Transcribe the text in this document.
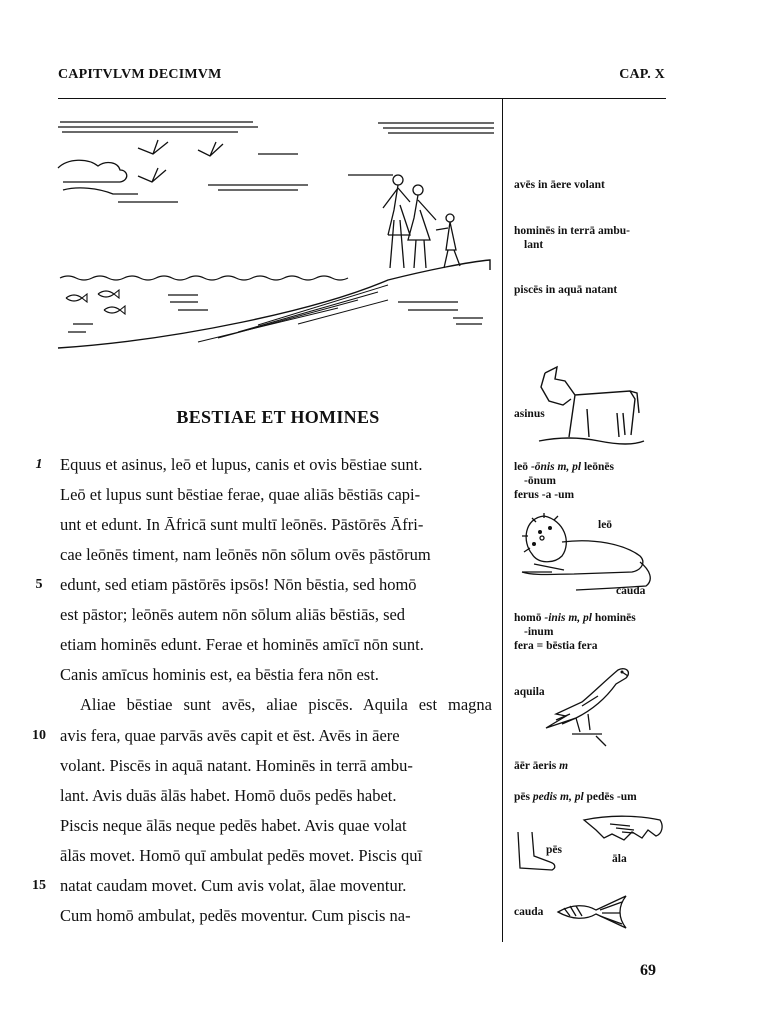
CAPITVLVM DECIMVM	CAP. X
avēs in āere volant
hominēs in terrā ambu-
lant
piscēs in aquā natant
asinus
leō -ōnis m, pl leōnēs
-ōnum
ferus -a -um
leō
cauda
homō -inis m, pl hominēs
-inum
fera = bēstia fera
aquila
āēr āeris m
pēs pedis m, pl pedēs -um
pēs
āla
cauda
BESTIAE ET HOMINES
1
5
10
15
Equus et asinus, leō et lupus, canis et ovis bēstiae sunt.
Leō et lupus sunt bēstiae ferae, quae aliās bēstiās capi-
unt et edunt. In Āfricā sunt multī leōnēs. Pāstōrēs Āfri-
cae leōnēs timent, nam leōnēs nōn sōlum ovēs pāstōrum
edunt, sed etiam pāstōrēs ipsōs! Nōn bēstia, sed homō
est pāstor; leōnēs autem nōn sōlum aliās bēstiās, sed
etiam hominēs edunt. Ferae et hominēs amīcī nōn sunt.
Canis amīcus hominis est, ea bēstia fera nōn est.
Aliae bēstiae sunt avēs, aliae piscēs. Aquila est magna
avis fera, quae parvās avēs capit et ēst. Avēs in āere
volant. Piscēs in aquā natant. Hominēs in terrā ambu-
lant. Avis duās ālās habet. Homō duōs pedēs habet.
Piscis neque ālās neque pedēs habet. Avis quae volat
ālās movet. Homō quī ambulat pedēs movet. Piscis quī
natat caudam movet. Cum avis volat, ālae moventur.
Cum homō ambulat, pedēs moventur. Cum piscis na-
69
